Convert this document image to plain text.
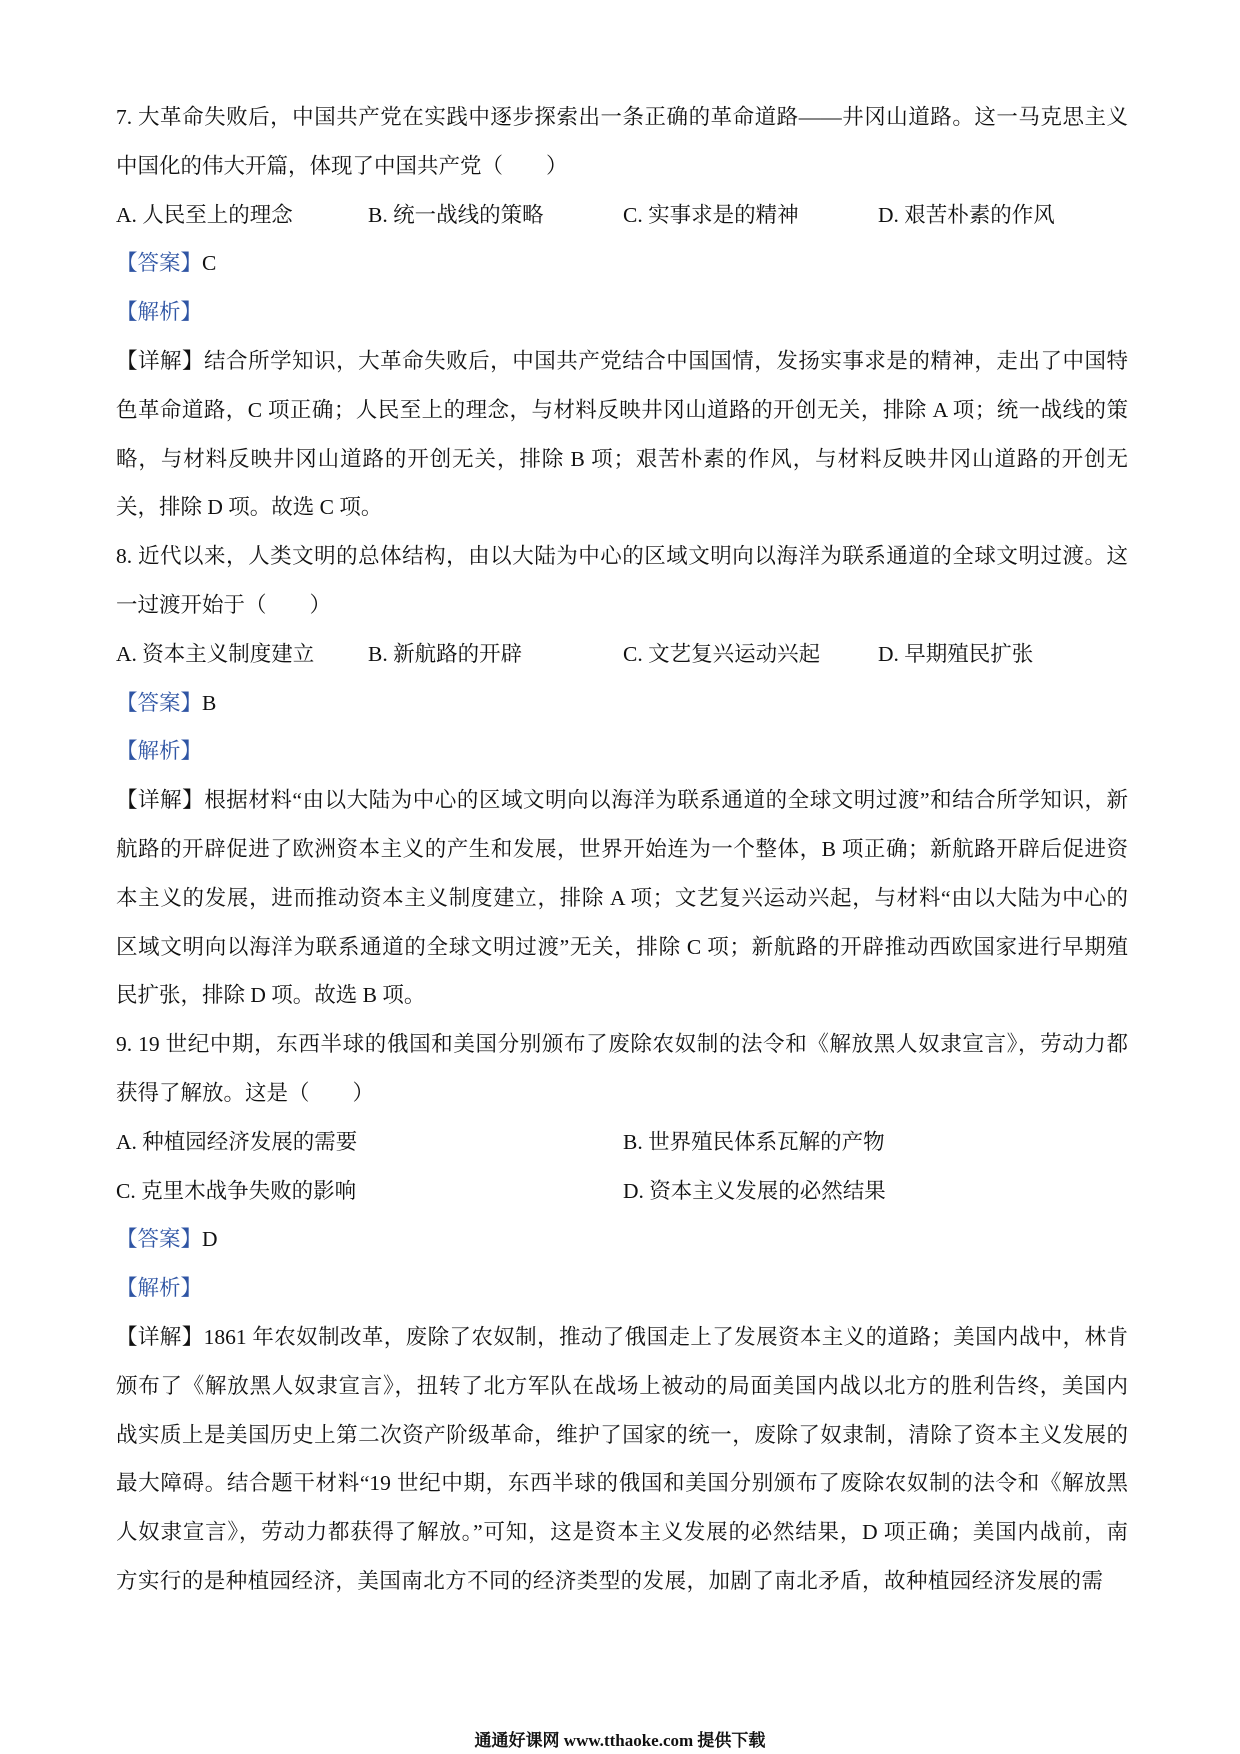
7. 大革命失败后，中国共产党在实践中逐步探索出一条正确的革命道路——井冈山道路。这一马克思主义
中国化的伟大开篇，体现了中国共产党（　　）
A. 人民至上的理念	B. 统一战线的策略	C. 实事求是的精神	D. 艰苦朴素的作风
【答案】C
【解析】
【详解】结合所学知识，大革命失败后，中国共产党结合中国国情，发扬实事求是的精神，走出了中国特
色革命道路，C 项正确；人民至上的理念，与材料反映井冈山道路的开创无关，排除 A 项；统一战线的策
略，与材料反映井冈山道路的开创无关，排除 B 项；艰苦朴素的作风，与材料反映井冈山道路的开创无
关，排除 D 项。故选 C 项。
8. 近代以来，人类文明的总体结构，由以大陆为中心的区域文明向以海洋为联系通道的全球文明过渡。这
一过渡开始于（　　）
A. 资本主义制度建立	B. 新航路的开辟	C. 文艺复兴运动兴起	D. 早期殖民扩张
【答案】B
【解析】
【详解】根据材料“由以大陆为中心的区域文明向以海洋为联系通道的全球文明过渡”和结合所学知识，新
航路的开辟促进了欧洲资本主义的产生和发展，世界开始连为一个整体，B 项正确；新航路开辟后促进资
本主义的发展，进而推动资本主义制度建立，排除 A 项；文艺复兴运动兴起，与材料“由以大陆为中心的
区域文明向以海洋为联系通道的全球文明过渡”无关，排除 C 项；新航路的开辟推动西欧国家进行早期殖
民扩张，排除 D 项。故选 B 项。
9. 19 世纪中期，东西半球的俄国和美国分别颁布了废除农奴制的法令和《解放黑人奴隶宣言》，劳动力都
获得了解放。这是（　　）
A. 种植园经济发展的需要	B. 世界殖民体系瓦解的产物
C. 克里木战争失败的影响	D. 资本主义发展的必然结果
【答案】D
【解析】
【详解】1861 年农奴制改革，废除了农奴制，推动了俄国走上了发展资本主义的道路；美国内战中，林肯
颁布了《解放黑人奴隶宣言》，扭转了北方军队在战场上被动的局面美国内战以北方的胜利告终，美国内
战实质上是美国历史上第二次资产阶级革命，维护了国家的统一，废除了奴隶制，清除了资本主义发展的
最大障碍。结合题干材料“19 世纪中期，东西半球的俄国和美国分别颁布了废除农奴制的法令和《解放黑
人奴隶宣言》，劳动力都获得了解放。”可知，这是资本主义发展的必然结果，D 项正确；美国内战前，南
方实行的是种植园经济，美国南北方不同的经济类型的发展，加剧了南北矛盾，故种植园经济发展的需
通通好课网 www.tthaoke.com 提供下载
